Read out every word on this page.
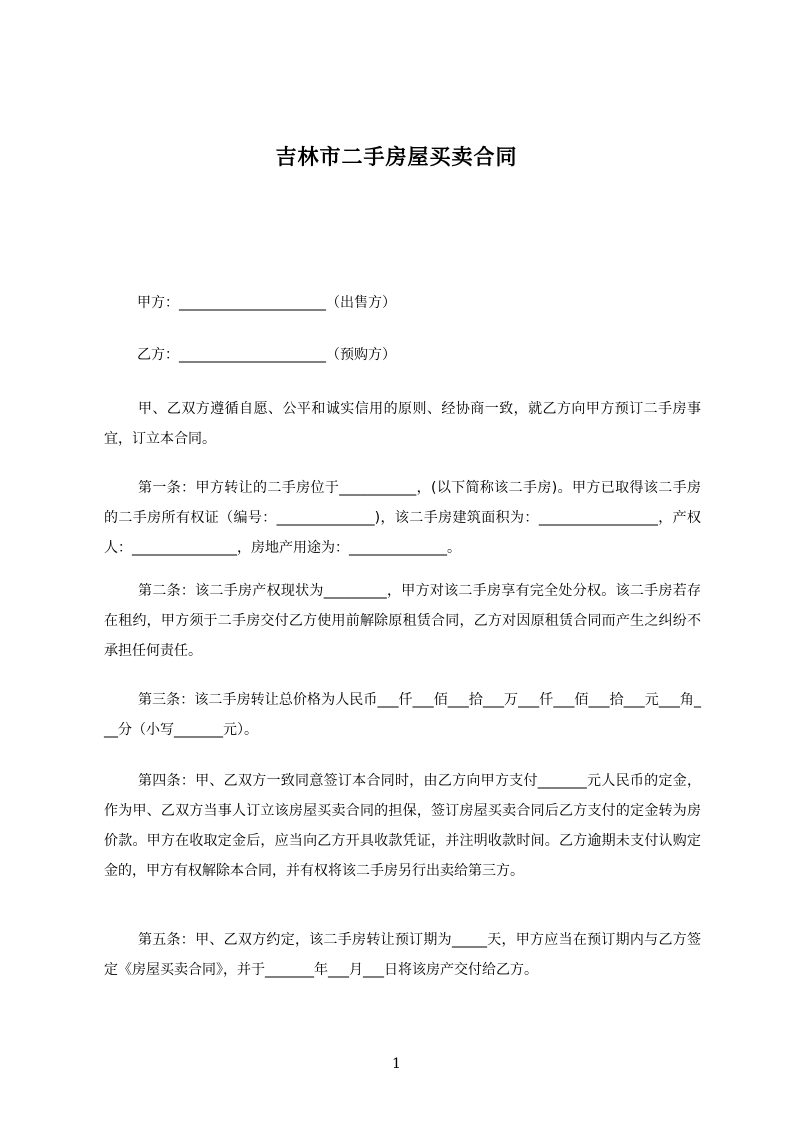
吉林市二手房屋买卖合同
甲方：_____________________（出售方）
乙方：_____________________（预购方）
甲、乙双方遵循自愿、公平和诚实信用的原则、经协商一致，就乙方向甲方预订二手房事宜，订立本合同。
第一条：甲方转让的二手房位于___________，(以下简称该二手房)。甲方已取得该二手房的二手房所有权证（编号：______________)，该二手房建筑面积为：_________________，产权人：_______________，房地产用途为：______________。
第二条：该二手房产权现状为_________，甲方对该二手房享有完全处分权。该二手房若存在租约，甲方须于二手房交付乙方使用前解除原租赁合同，乙方对因原租赁合同而产生之纠纷不承担任何责任。
第三条：该二手房转让总价格为人民币___仟___佰___拾___万___仟___佰___拾___元___角___分（小写_______元）。
第四条：甲、乙双方一致同意签订本合同时，由乙方向甲方支付_______元人民币的定金，作为甲、乙双方当事人订立该房屋买卖合同的担保，签订房屋买卖合同后乙方支付的定金转为房价款。甲方在收取定金后，应当向乙方开具收款凭证，并注明收款时间。乙方逾期未支付认购定金的，甲方有权解除本合同，并有权将该二手房另行出卖给第三方。
第五条：甲、乙双方约定，该二手房转让预订期为_____天，甲方应当在预订期内与乙方签定《房屋买卖合同》，并于_______年___月___日将该房产交付给乙方。
1
